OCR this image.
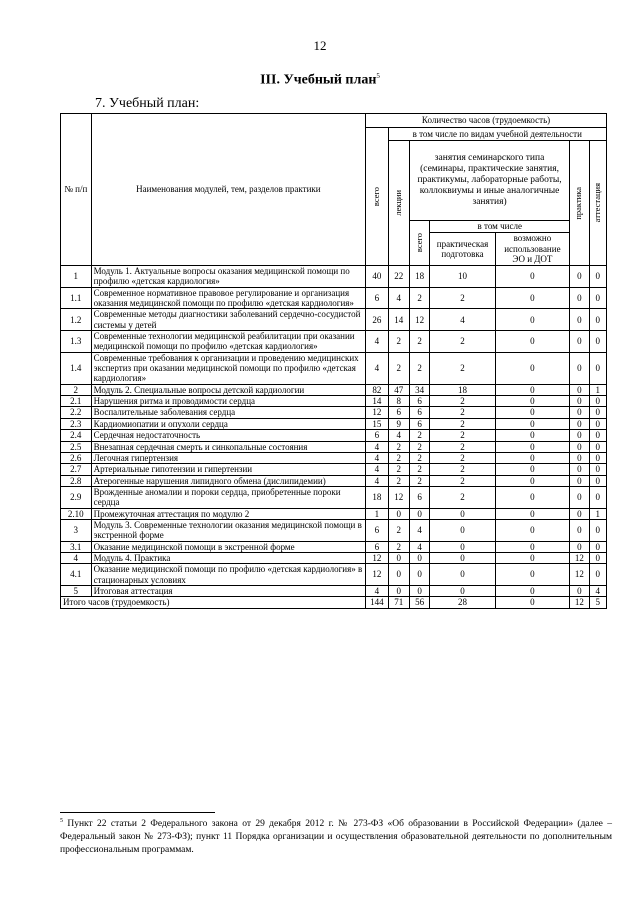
12
III. Учебный план$^5$
7. Учебный план:
№ п/п	Наименования модулей, тем, разделов практики	Количество часов (трудоемкость)						

		всего	в том числе по видам учебной деятельности					

			лекции	занятия семинарского типа (семинары, практические занятия, практикумы, лабораторные работы, коллоквиумы и иные аналогичные занятия)			практика	аттестация

				всего	в том числе			
					практическая подготовка	возможно использование ЭО и ДОТ		
1	Модуль 1. Актуальные вопросы оказания медицинской помощи по профилю «детская кардиология»	40	22	18	10	0	0	0
1.1	Современное нормативное правовое регулирование и организация оказания медицинской помощи по профилю «детская кардиология»	6	4	2	2	0	0	0
1.2	Современные методы диагностики заболеваний сердечно-сосудистой системы у детей	26	14	12	4	0	0	0
1.3	Современные технологии медицинской реабилитации при оказании медицинской помощи по профилю «детская кардиология»	4	2	2	2	0	0	0
1.4	Современные требования к организации и проведению медицинских экспертиз при оказании медицинской помощи по профилю «детская кардиология»	4	2	2	2	0	0	0
2	Модуль 2. Специальные вопросы детской кардиологии	82	47	34	18	0	0	1
2.1	Нарушения ритма и проводимости сердца	14	8	6	2	0	0	0
2.2	Воспалительные заболевания сердца	12	6	6	2	0	0	0
2.3	Кардиомиопатии и опухоли сердца	15	9	6	2	0	0	0
2.4	Сердечная недостаточность	6	4	2	2	0	0	0
2.5	Внезапная сердечная смерть и синкопальные состояния	4	2	2	2	0	0	0
2.6	Легочная гипертензия	4	2	2	2	0	0	0
2.7	Артериальные гипотензии и гипертензии	4	2	2	2	0	0	0
2.8	Атерогенные нарушения липидного обмена (дислипидемии)	4	2	2	2	0	0	0
2.9	Врожденные аномалии и пороки сердца, приобретенные пороки сердца	18	12	6	2	0	0	0
2.10	Промежуточная аттестация по модулю 2	1	0	0	0	0	0	1
3	Модуль 3. Современные технологии оказания медицинской помощи в экстренной форме	6	2	4	0	0	0	0
3.1	Оказание медицинской помощи в экстренной форме	6	2	4	0	0	0	0
4	Модуль 4. Практика	12	0	0	0	0	12	0
4.1	Оказание медицинской помощи по профилю «детская кардиология» в стационарных условиях	12	0	0	0	0	12	0
5	Итоговая аттестация	4	0	0	0	0	0	4
Итого часов (трудоемкость)		144	71	56	28	0	12	5
$^5$ Пункт 22 статьи 2 Федерального закона от 29 декабря 2012 г. № 273-ФЗ «Об образовании в Российской Федерации» (далее – Федеральный закон № 273-ФЗ); пункт 11 Порядка организации и осуществления образовательной деятельности по дополнительным профессиональным программам.
